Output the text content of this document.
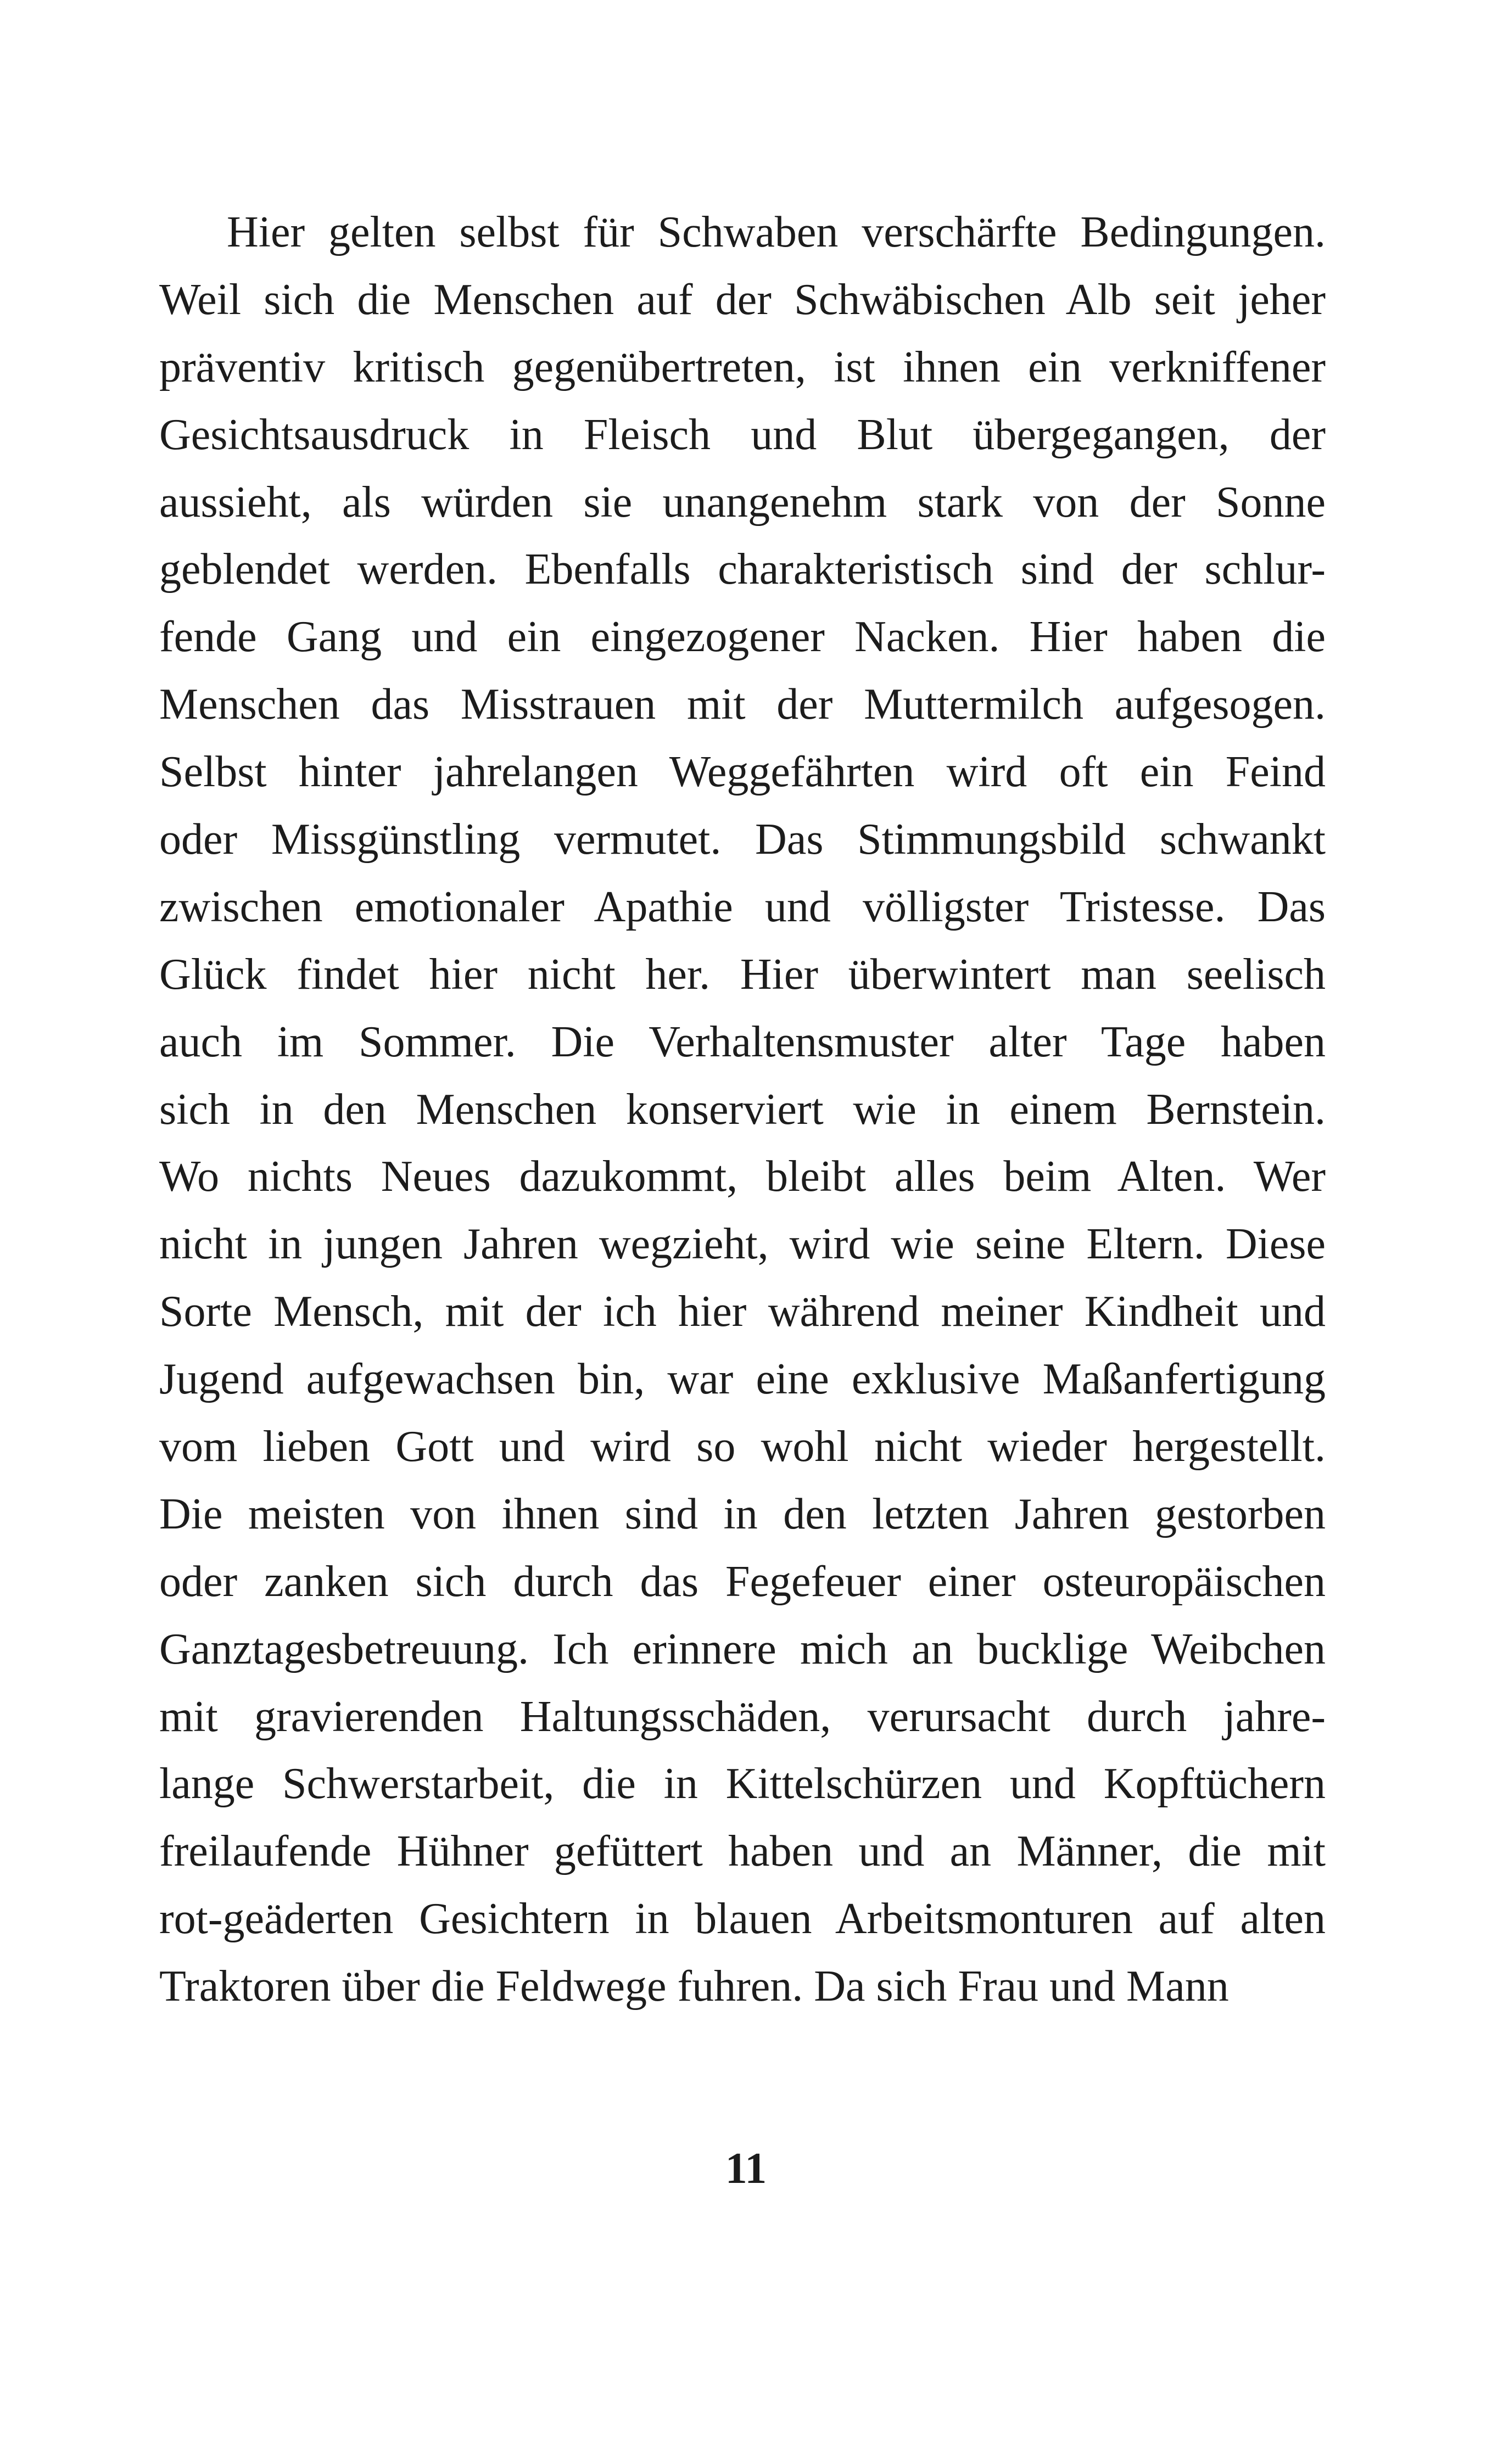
Hier gelten selbst für Schwaben verschärfte Bedingungen.
Weil sich die Menschen auf der Schwäbischen Alb seit jeher
präventiv kritisch gegenübertreten, ist ihnen ein verkniffener
Gesichtsausdruck in Fleisch und Blut übergegangen, der
aussieht, als würden sie unangenehm stark von der Sonne
geblendet werden. Ebenfalls charakteristisch sind der schlur-
fende Gang und ein eingezogener Nacken. Hier haben die
Menschen das Misstrauen mit der Muttermilch aufgesogen.
Selbst hinter jahrelangen Weggefährten wird oft ein Feind
oder Missgünstling vermutet. Das Stimmungsbild schwankt
zwischen emotionaler Apathie und völligster Tristesse. Das
Glück findet hier nicht her. Hier überwintert man seelisch
auch im Sommer. Die Verhaltensmuster alter Tage haben
sich in den Menschen konserviert wie in einem Bernstein.
Wo nichts Neues dazukommt, bleibt alles beim Alten. Wer
nicht in jungen Jahren wegzieht, wird wie seine Eltern. Diese
Sorte Mensch, mit der ich hier während meiner Kindheit und
Jugend aufgewachsen bin, war eine exklusive Maßanfertigung
vom lieben Gott und wird so wohl nicht wieder hergestellt.
Die meisten von ihnen sind in den letzten Jahren gestorben
oder zanken sich durch das Fegefeuer einer osteuropäischen
Ganztagesbetreuung. Ich erinnere mich an bucklige Weibchen
mit gravierenden Haltungsschäden, verursacht durch jahre-
lange Schwerstarbeit, die in Kittelschürzen und Kopftüchern
freilaufende Hühner gefüttert haben und an Männer, die mit
rot-geäderten Gesichtern in blauen Arbeitsmonturen auf alten
Traktoren über die Feldwege fuhren. Da sich Frau und Mann
11
